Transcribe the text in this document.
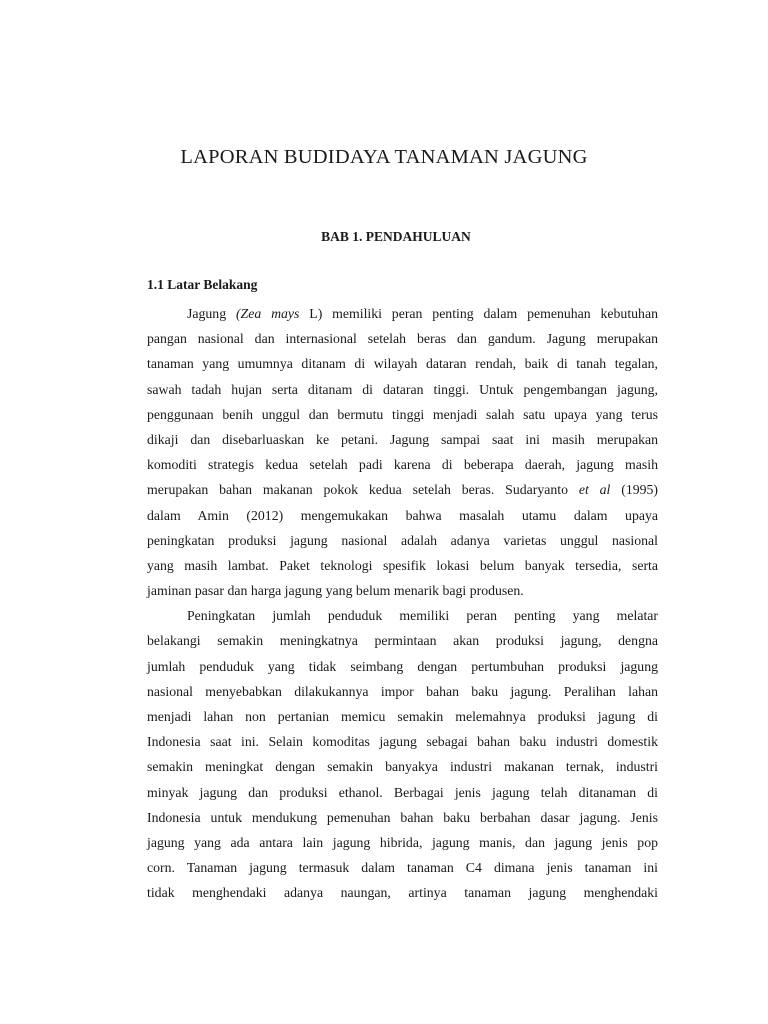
LAPORAN BUDIDAYA TANAMAN JAGUNG
BAB 1. PENDAHULUAN
1.1 Latar Belakang
Jagung (Zea mays L) memiliki peran penting dalam pemenuhan kebutuhan
pangan nasional dan internasional setelah beras dan gandum. Jagung merupakan
tanaman yang umumnya ditanam di wilayah dataran rendah, baik di tanah tegalan,
sawah tadah hujan serta ditanam di dataran tinggi. Untuk pengembangan jagung,
penggunaan benih unggul dan bermutu tinggi menjadi salah satu upaya yang terus
dikaji dan disebarluaskan ke petani. Jagung sampai saat ini masih merupakan
komoditi strategis kedua setelah padi karena di beberapa daerah, jagung masih
merupakan bahan makanan pokok kedua setelah beras. Sudaryanto et al (1995)
dalam Amin (2012) mengemukakan bahwa masalah utamu dalam upaya
peningkatan produksi jagung nasional adalah adanya varietas unggul nasional
yang masih lambat. Paket teknologi spesifik lokasi belum banyak tersedia, serta
jaminan pasar dan harga jagung yang belum menarik bagi produsen.
Peningkatan jumlah penduduk memiliki peran penting yang melatar
belakangi semakin meningkatnya permintaan akan produksi jagung, dengna
jumlah penduduk yang tidak seimbang dengan pertumbuhan produksi jagung
nasional menyebabkan dilakukannya impor bahan baku jagung. Peralihan lahan
menjadi lahan non pertanian memicu semakin melemahnya produksi jagung di
Indonesia saat ini. Selain komoditas jagung sebagai bahan baku industri domestik
semakin meningkat dengan semakin banyakya industri makanan ternak, industri
minyak jagung dan produksi ethanol. Berbagai jenis jagung telah ditanaman di
Indonesia untuk mendukung pemenuhan bahan baku berbahan dasar jagung. Jenis
jagung yang ada antara lain jagung hibrida, jagung manis, dan jagung jenis pop
corn. Tanaman jagung termasuk dalam tanaman C4 dimana jenis tanaman ini
tidak menghendaki adanya naungan, artinya tanaman jagung menghendaki
